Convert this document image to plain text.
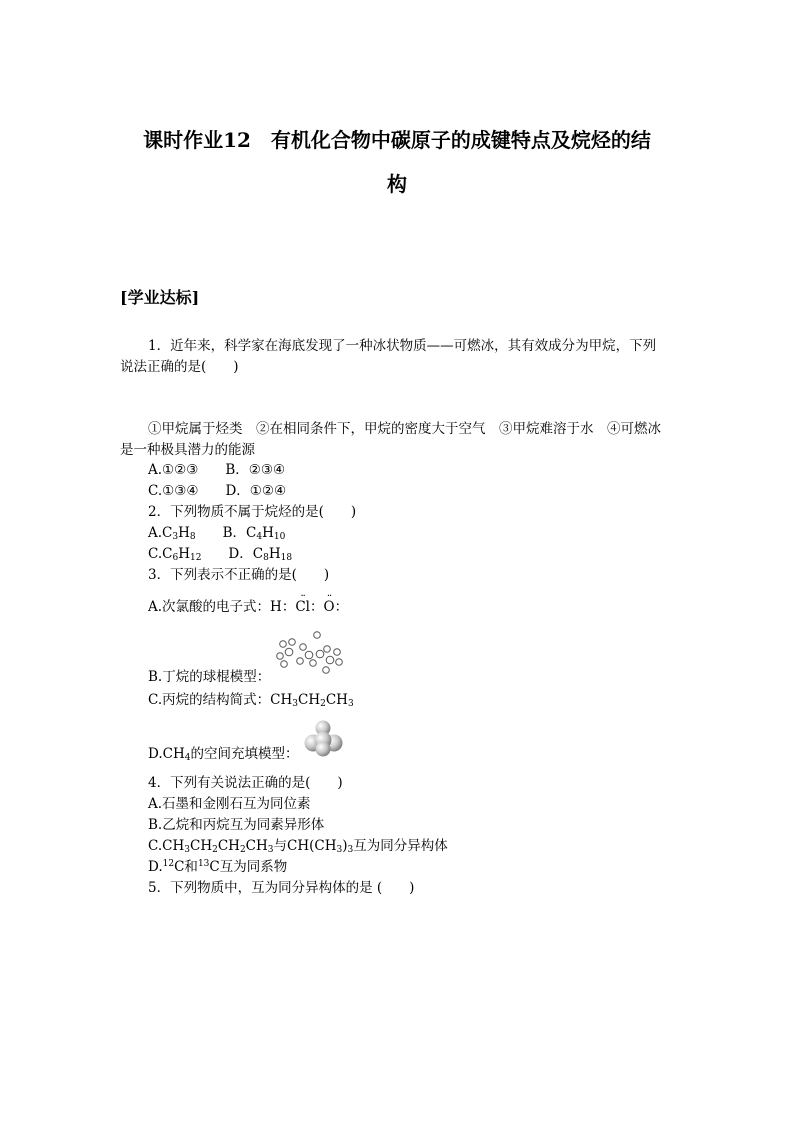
课时作业12　有机化合物中碳原子的成键特点及烷烃的结
构
[学业达标]
1．近年来，科学家在海底发现了一种冰状物质——可燃冰，其有效成分为甲烷，下列
说法正确的是(　　)
①甲烷属于烃类　②在相同条件下，甲烷的密度大于空气　③甲烷难溶于水　④可燃冰
是一种极具潜力的能源
A.①②③　　B．②③④
C.①③④　　D．①②④
2．下列物质不属于烷烃的是(　　)
$A.C_3H_8$　　B．$C_4H_{10}$
$C.C_6H_{12}$　　D．$C_8H_{18}$
3．下列表示不正确的是(　　)
A.次氯酸的电子式：H：·· Cl：·· O：
B.丁烷的球棍模型：
C.丙烷的结构简式：$CH_3CH_2CH_3$
$D.CH_4$的空间充填模型：
4．下列有关说法正确的是(　　)
A.石墨和金刚石互为同位素
B.乙烷和丙烷互为同素异形体
$C.CH_3CH_2CH_2CH_3$与$CH(CH_3)_3$互为同分异构体
D.$^{12}$C和$^{13}$C互为同系物
5．下列物质中，互为同分异构体的是 (　　)
